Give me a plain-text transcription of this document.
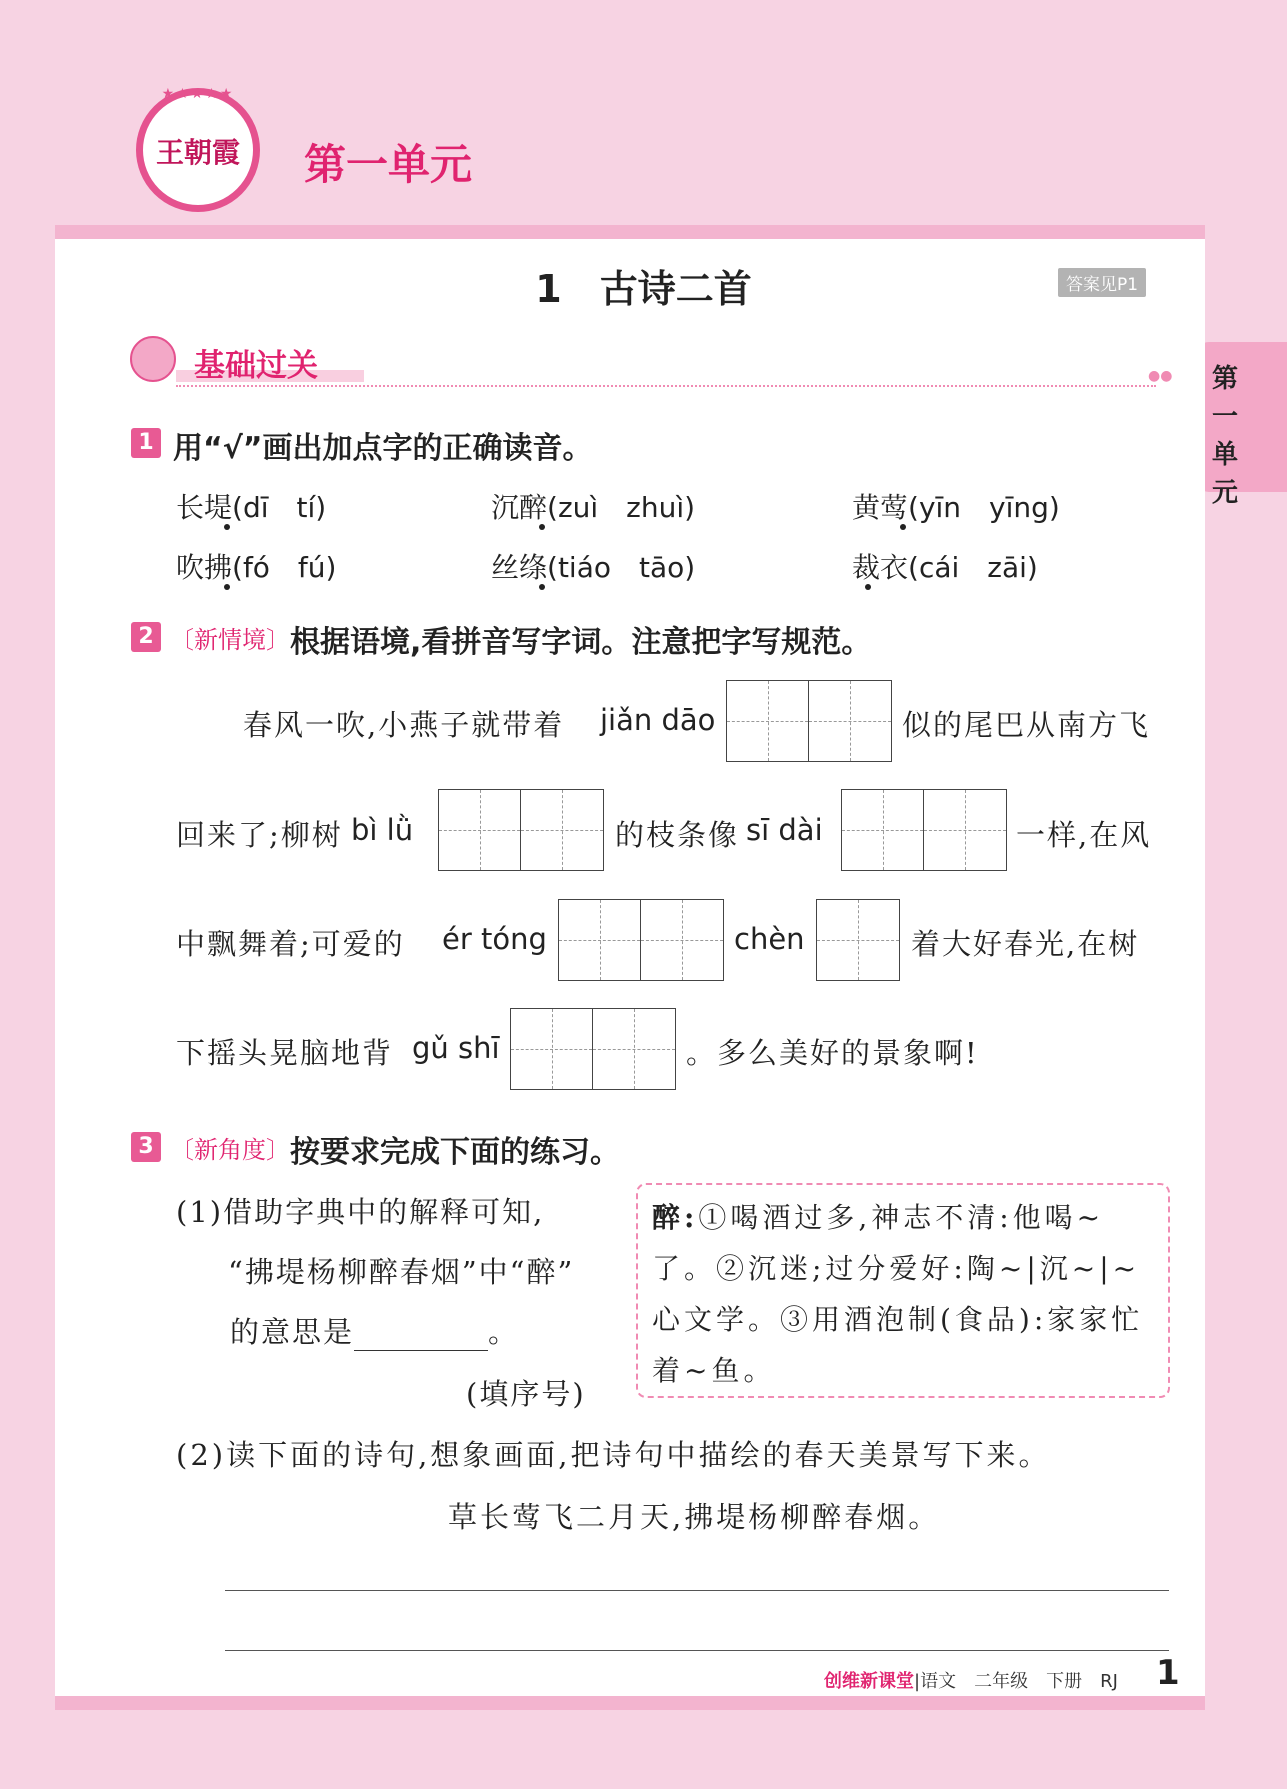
王朝霞
★★★★★
第一单元
第一单元
1　古诗二首	答案见P1
基础过关	●●
1 用“√”画出加点字的正确读音。
长堤(dī　tí)	沉醉(zuì　zhuì)	黄莺(yīn　yīng)
吹拂(fó　fú)	丝绦(tiáo　tāo)	裁衣(cái　zāi)
2 〔新情境〕 根据语境,看拼音写字词。注意把字写规范。
春风一吹,小燕子就带着 jiǎn dāo	似的尾巴从南方飞
回来了;柳树 bì lǜ	的枝条像 sī dài	一样,在风
中飘舞着;可爱的 ér tóng	chèn	着大好春光,在树
下摇头晃脑地背 gǔ shī	。多么美好的景象啊!
3 〔新角度〕 按要求完成下面的练习。
(1)借助字典中的解释可知,
“拂堤杨柳醉春烟”中“醉”
的意思是	。
(填序号)
醉:①喝酒过多,神志不清:他喝~了。②沉迷;过分爱好:陶~|沉~|~心文学。③用酒泡制(食品):家家忙着~鱼。
(2)读下面的诗句,想象画面,把诗句中描绘的春天美景写下来。
草长莺飞二月天,拂堤杨柳醉春烟。
创维新课堂|语文　二年级　下册　RJ 1
